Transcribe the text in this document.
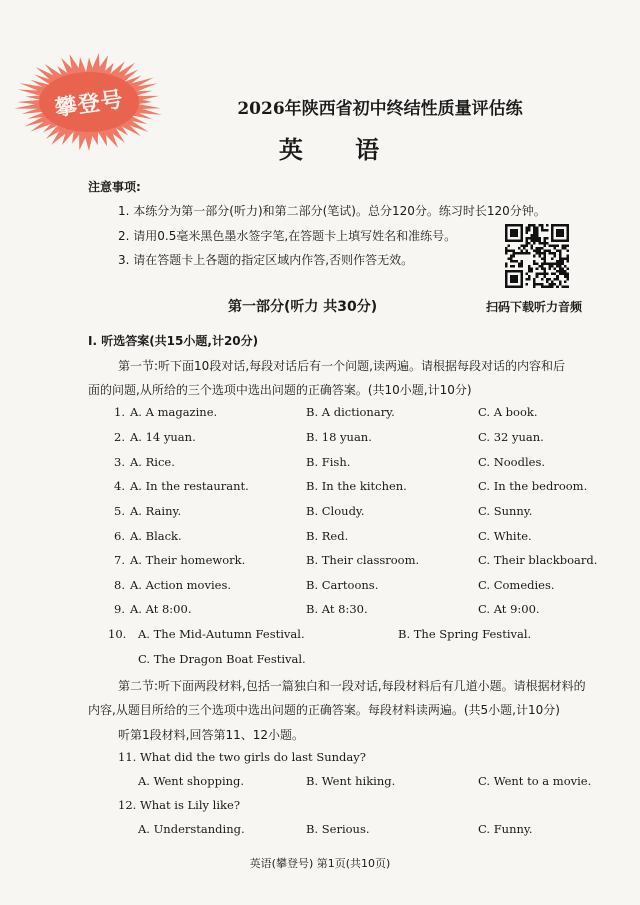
攀登号	2026年陕西省初中终结性质量评估练
英 语
注意事项:
1. 本练分为第一部分(听力)和第二部分(笔试)。总分120分。练习时长120分钟。
2. 请用0.5毫米黑色墨水签字笔,在答题卡上填写姓名和准练号。
3. 请在答题卡上各题的指定区域内作答,否则作答无效。
第一部分(听力 共30分)	扫码下载听力音频
Ⅰ. 听选答案(共15小题,计20分)
第一节:听下面10段对话,每段对话后有一个问题,读两遍。请根据每段对话的内容和后
面的问题,从所给的三个选项中选出问题的正确答案。(共10小题,计10分)
1. A. A magazine.	B. A dictionary.	C. A book.
2. A. 14 yuan.	B. 18 yuan.	C. 32 yuan.
3. A. Rice.	B. Fish.	C. Noodles.
4. A. In the restaurant.	B. In the kitchen.	C. In the bedroom.
5. A. Rainy.	B. Cloudy.	C. Sunny.
6. A. Black.	B. Red.	C. White.
7. A. Their homework.	B. Their classroom.	C. Their blackboard.
8. A. Action movies.	B. Cartoons.	C. Comedies.
9. A. At 8:00.	B. At 8:30.	C. At 9:00.
10. A. The Mid-Autumn Festival.	B. The Spring Festival.
C. The Dragon Boat Festival.
第二节:听下面两段材料,包括一篇独白和一段对话,每段材料后有几道小题。请根据材料的
内容,从题目所给的三个选项中选出问题的正确答案。每段材料读两遍。(共5小题,计10分)
听第1段材料,回答第11、12小题。
11. What did the two girls do last Sunday?
A. Went shopping.	B. Went hiking.	C. Went to a movie.
12. What is Lily like?
A. Understanding.	B. Serious.	C. Funny.
英语(攀登号) 第1页(共10页)
